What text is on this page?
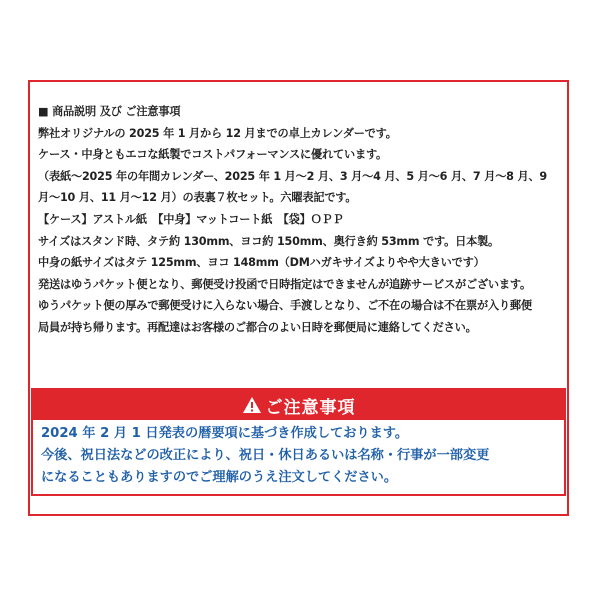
■ 商品説明 及び ご注意事項

弊社オリジナルの 2025 年 1 月から 12 月までの卓上カレンダーです。

ケース・中身ともエコな紙製でコストパフォーマンスに優れています。

（表紙～2025 年の年間カレンダー、2025 年 1 月～2 月、3 月～4 月、5 月～6 月、7 月～8 月、9

月～10 月、11 月～12 月）の表裏７枚セット。六曜表記です。

【ケース】アストル紙　【中身】マットコート紙　【袋】ＯＰＰ

サイズはスタンド時、タテ約 130mm、ヨコ約 150mm、奥行き約 53mm です。日本製。

中身の紙サイズはタテ 125mm、ヨコ 148mm（DMハガキサイズよりやや大きいです）

発送はゆうパケット便となり、郵便受け投函で日時指定はできませんが追跡サービスがございます。

ゆうパケット便の厚みで郵便受けに入らない場合、手渡しとなり、ご不在の場合は不在票が入り郵便

局員が持ち帰ります。再配達はお客様のご都合のよい日時を郵便局に連絡してください。

ご注意事項

2024 年 2 月 1 日発表の暦要項に基づき作成しております。

今後、祝日法などの改正により、祝日・休日あるいは名称・行事が一部変更

になることもありますのでご理解のうえ注文してください。
